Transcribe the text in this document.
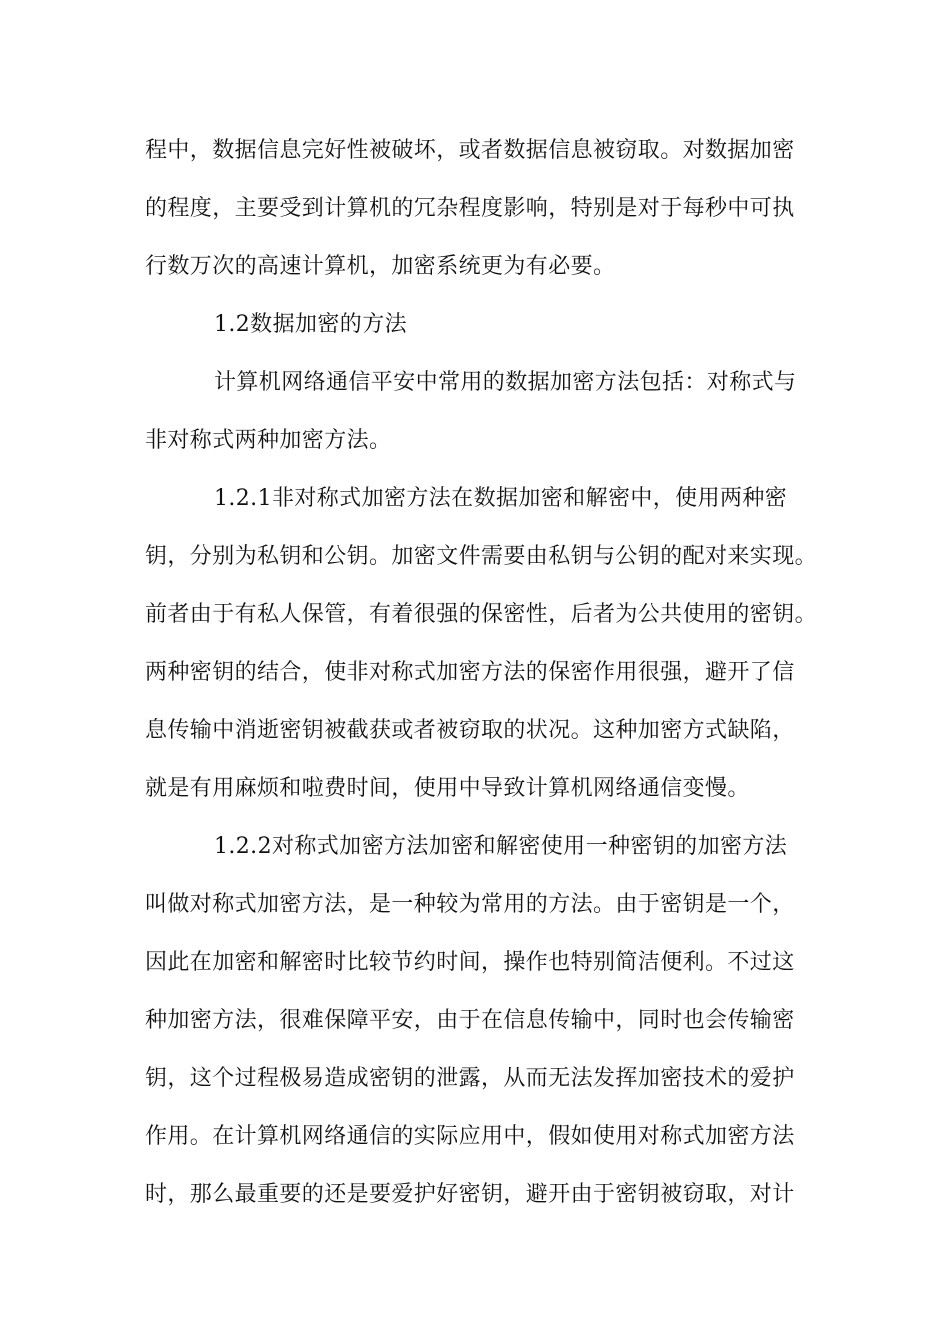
程中，数据信息完好性被破坏，或者数据信息被窃取。对数据加密
的程度，主要受到计算机的冗杂程度影响，特别是对于每秒中可执
行数万次的高速计算机，加密系统更为有必要。
1.2数据加密的方法
计算机网络通信平安中常用的数据加密方法包括：对称式与
非对称式两种加密方法。
1.2.1非对称式加密方法在数据加密和解密中，使用两种密
钥，分别为私钥和公钥。加密文件需要由私钥与公钥的配对来实现。
前者由于有私人保管，有着很强的保密性，后者为公共使用的密钥。
两种密钥的结合，使非对称式加密方法的保密作用很强，避开了信
息传输中消逝密钥被截获或者被窃取的状况。这种加密方式缺陷，
就是有用麻烦和啦费时间，使用中导致计算机网络通信变慢。
1.2.2对称式加密方法加密和解密使用一种密钥的加密方法
叫做对称式加密方法，是一种较为常用的方法。由于密钥是一个，
因此在加密和解密时比较节约时间，操作也特别简洁便利。不过这
种加密方法，很难保障平安，由于在信息传输中，同时也会传输密
钥，这个过程极易造成密钥的泄露，从而无法发挥加密技术的爱护
作用。在计算机网络通信的实际应用中，假如使用对称式加密方法
时，那么最重要的还是要爱护好密钥，避开由于密钥被窃取，对计
